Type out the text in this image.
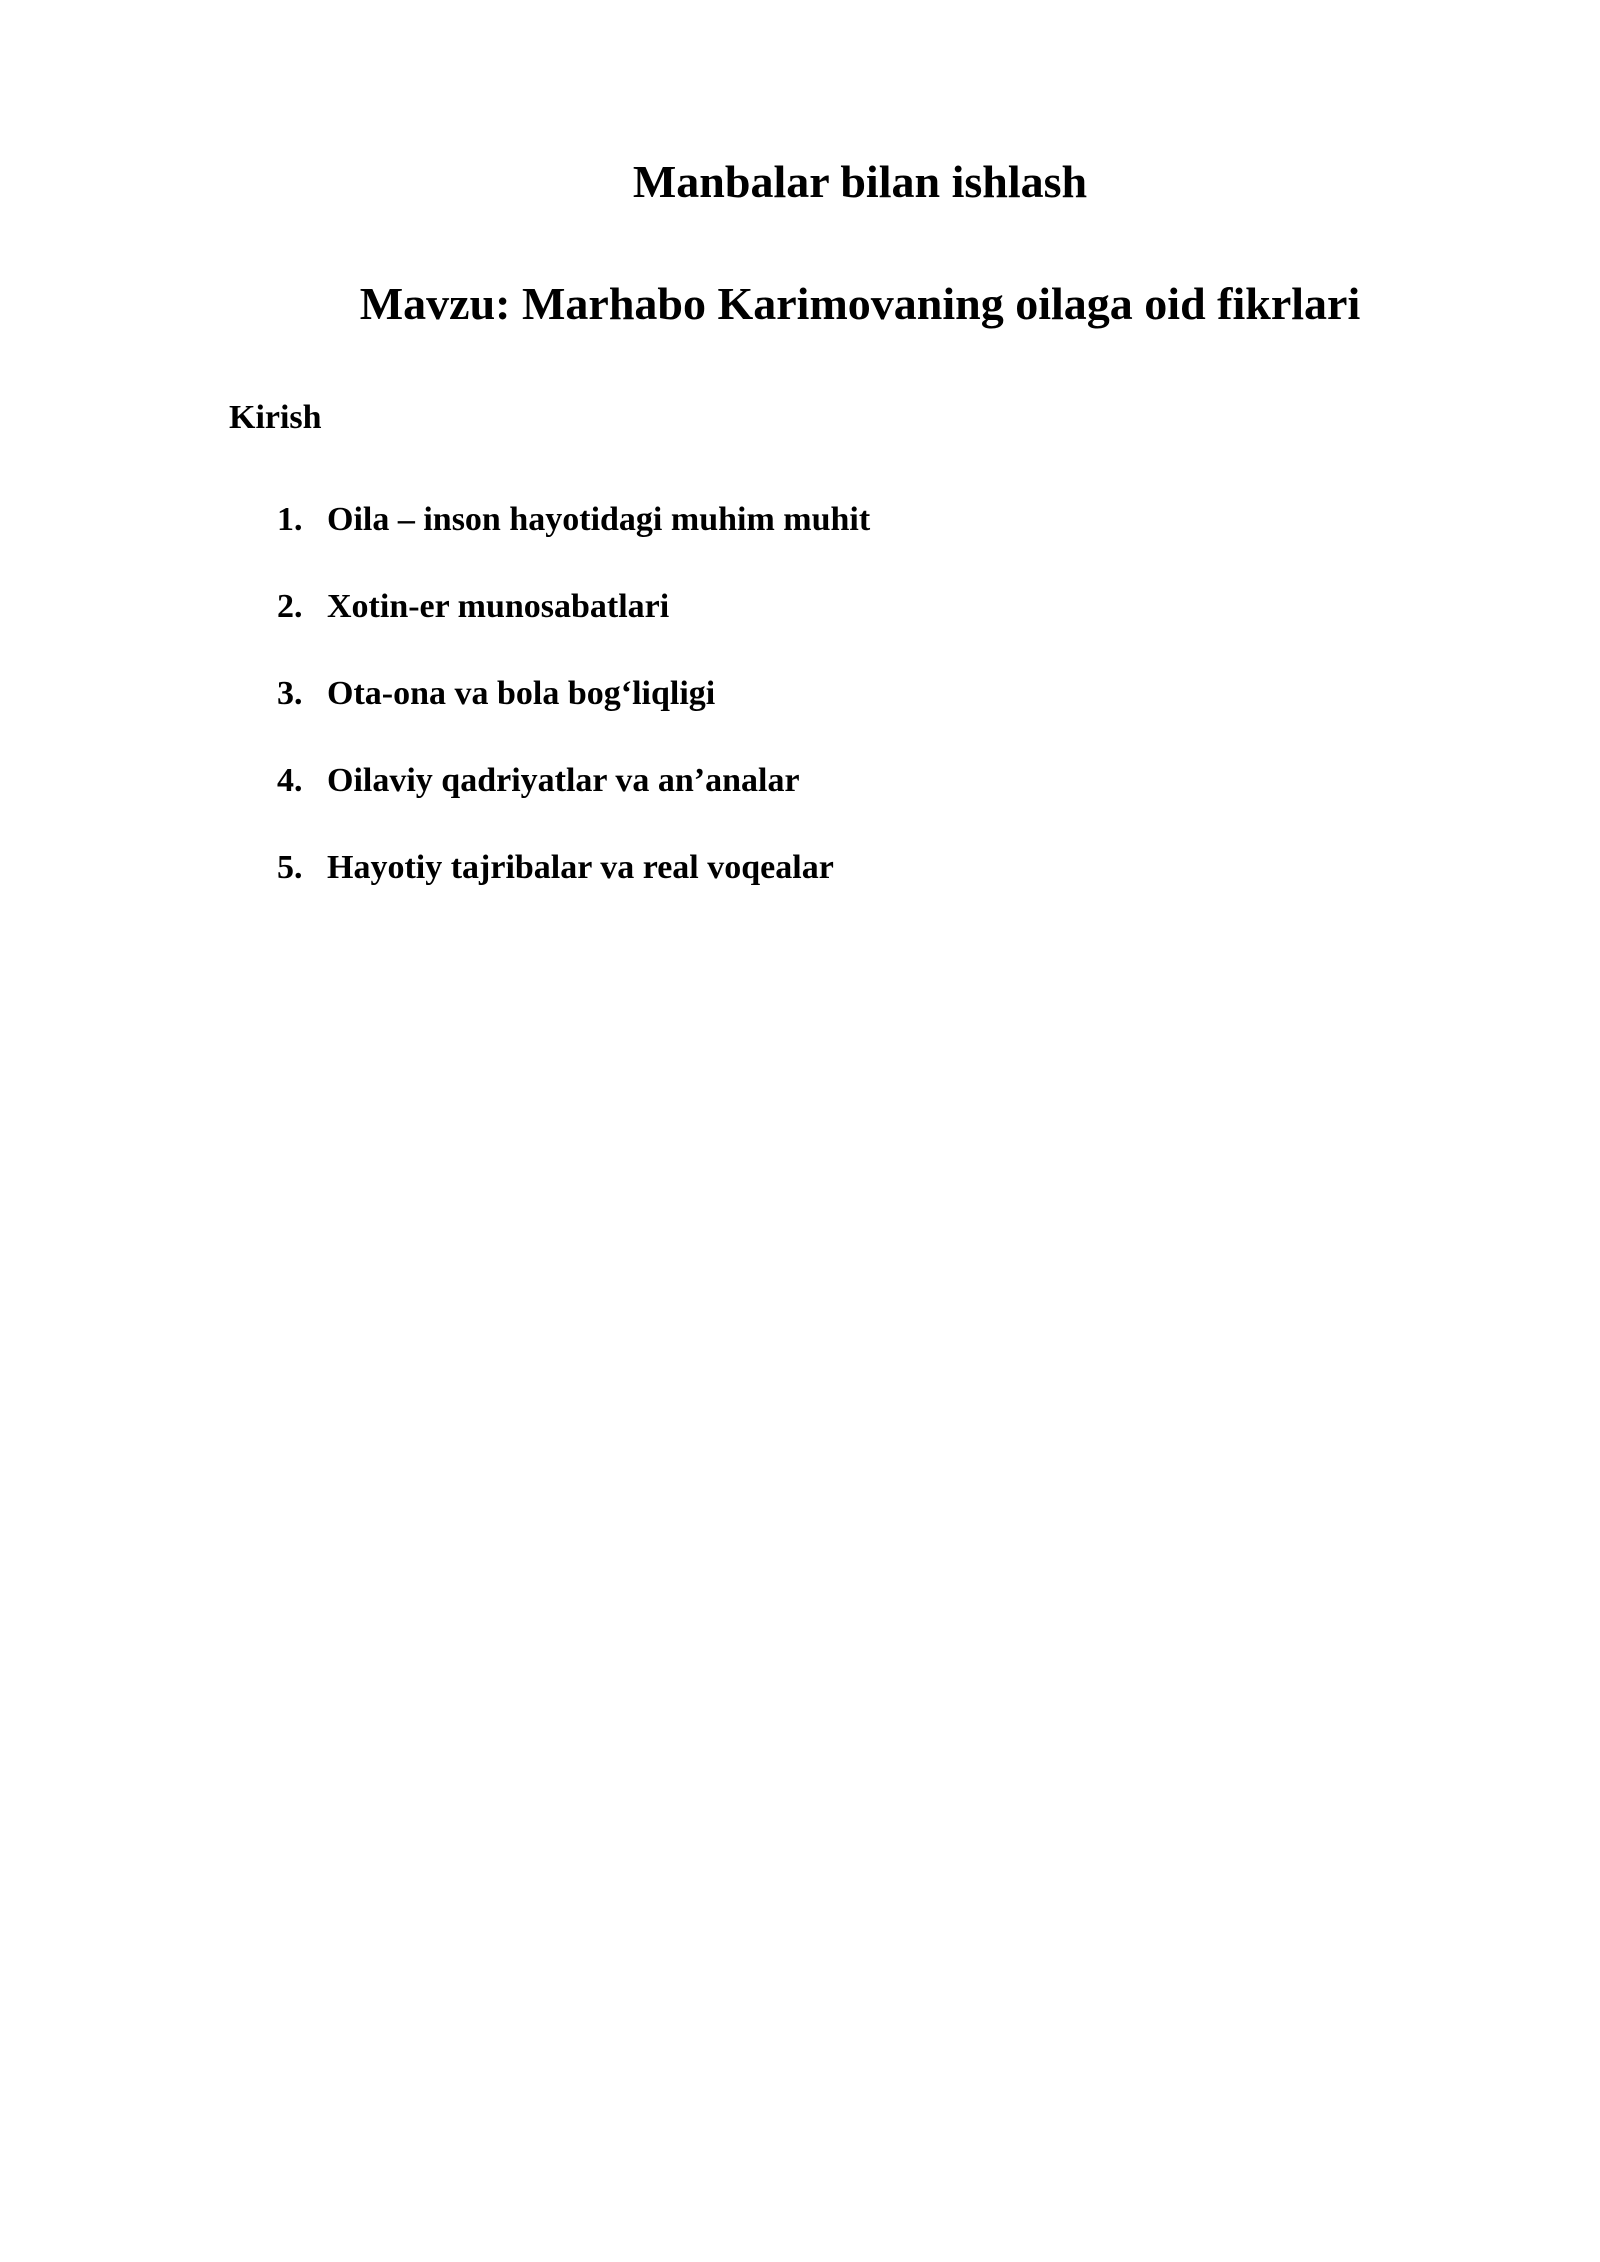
Manbalar bilan ishlash
Mavzu: Marhabo Karimovaning oilaga oid fikrlari
Kirish
1. Oila – inson hayotidagi muhim muhit
2. Xotin-er munosabatlari
3. Ota-ona va bola bog‘liqligi
4. Oilaviy qadriyatlar va an’analar
5. Hayotiy tajribalar va real voqealar
